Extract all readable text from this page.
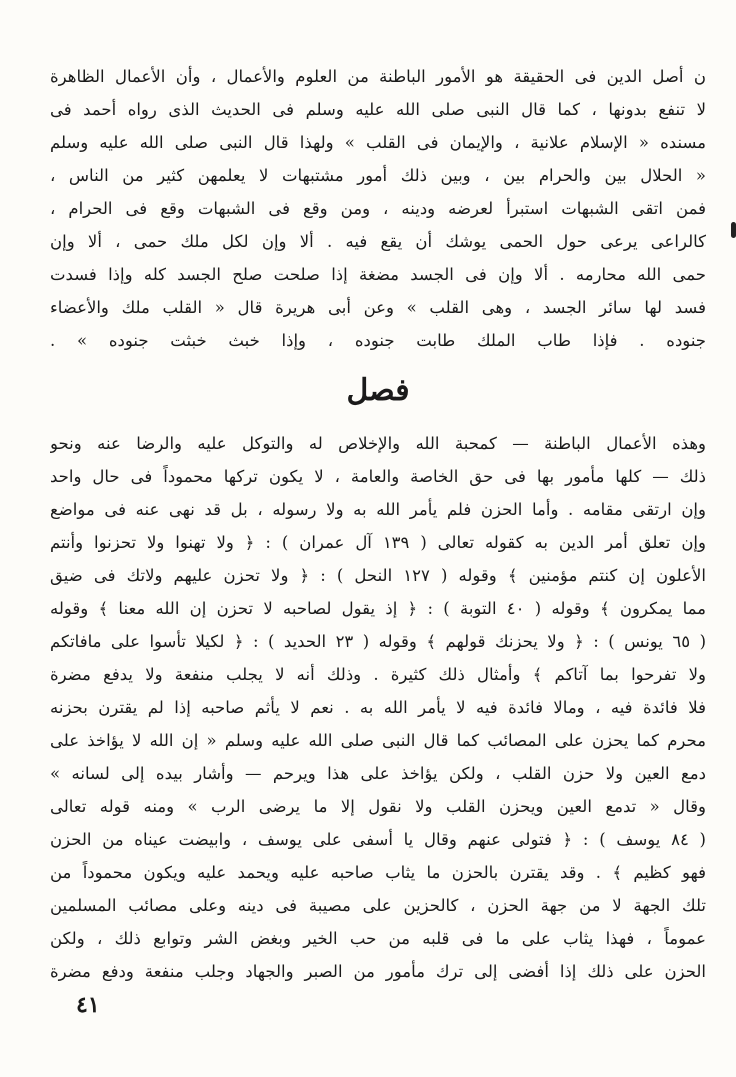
ن أصل الدين فى الحقيقة هو الأمور الباطنة من العلوم والأعمال ، وأن الأعمال الظاهرة
لا تنفع بدونها ، كما قال النبى صلى الله عليه وسلم فى الحديث الذى رواه أحمد فى
مسنده « الإسلام علانية ، والإيمان فى القلب » ولهذا قال النبى صلى الله عليه وسلم
« الحلال بين والحرام بين ، وبين ذلك أمور مشتبهات لا يعلمهن كثير من الناس ،
فمن اتقى الشبهات استبرأ لعرضه ودينه ، ومن وقع فى الشبهات وقع فى الحرام ،
كالراعى يرعى حول الحمى يوشك أن يقع فيه . ألا وإن لكل ملك حمى ، ألا وإن
حمى الله محارمه . ألا وإن فى الجسد مضغة إذا صلحت صلح الجسد كله وإذا فسدت
فسد لها سائر الجسد ، وهى القلب » وعن أبى هريرة قال « القلب ملك والأعضاء
جنوده . فإذا طاب الملك طابت جنوده ، وإذا خبث خبثت جنوده » .
فصل
وهذه الأعمال الباطنة — كمحبة الله والإخلاص له والتوكل عليه والرضا عنه ونحو
ذلك — كلها مأمور بها فى حق الخاصة والعامة ، لا يكون تركها محموداً فى حال واحد
وإن ارتقى مقامه . وأما الحزن فلم يأمر الله به ولا رسوله ، بل قد نهى عنه فى مواضع
وإن تعلق أمر الدين به كقوله تعالى ( ١٣٩ آل عمران ) : ﴿ ولا تهنوا ولا تحزنوا وأنتم
الأعلون إن كنتم مؤمنين ﴾ وقوله ( ١٢٧ النحل ) : ﴿ ولا تحزن عليهم ولاتك فى ضيق
مما يمكرون ﴾ وقوله ( ٤٠ التوبة ) : ﴿ إذ يقول لصاحبه لا تحزن إن الله معنا ﴾ وقوله
( ٦٥ يونس ) : ﴿ ولا يحزنك قولهم ﴾ وقوله ( ٢٣ الحديد ) : ﴿ لكيلا تأسوا على مافاتكم
ولا تفرحوا بما آتاكم ﴾ وأمثال ذلك كثيرة . وذلك أنه لا يجلب منفعة ولا يدفع مضرة
فلا فائدة فيه ، ومالا فائدة فيه لا يأمر الله به . نعم لا يأثم صاحبه إذا لم يقترن بحزنه
محرم كما يحزن على المصائب كما قال النبى صلى الله عليه وسلم « إن الله لا يؤاخذ على
دمع العين ولا حزن القلب ، ولكن يؤاخذ على هذا ويرحم — وأشار بيده إلى لسانه »
وقال « تدمع العين ويحزن القلب ولا نقول إلا ما يرضى الرب » ومنه قوله تعالى
( ٨٤ يوسف ) : ﴿ فتولى عنهم وقال يا أسفى على يوسف ، وابيضت عيناه من الحزن
فهو كظيم ﴾ . وقد يقترن بالحزن ما يثاب صاحبه عليه ويحمد عليه ويكون محموداً من
تلك الجهة لا من جهة الحزن ، كالحزين على مصيبة فى دينه وعلى مصائب المسلمين
عموماً ، فهذا يثاب على ما فى قلبه من حب الخير وبغض الشر وتوابع ذلك ، ولكن
الحزن على ذلك إذا أفضى إلى ترك مأمور من الصبر والجهاد وجلب منفعة ودفع مضرة
٤١
